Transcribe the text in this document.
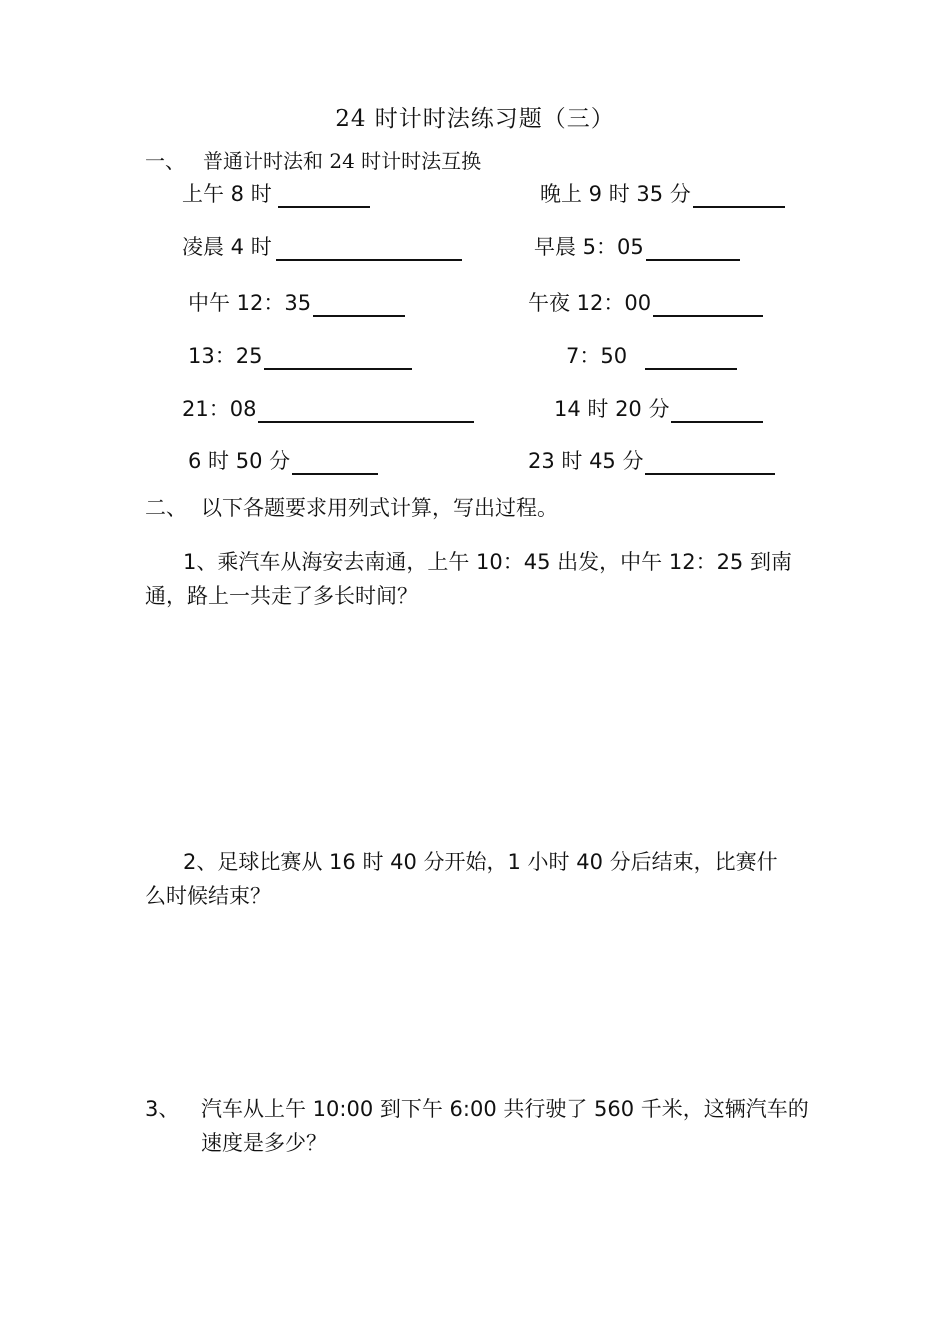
24 时计时法练习题（三）
一、 普通计时法和 24 时计时法互换
上午 8 时
凌晨 4 时
中午 12：35
13：25
21：08
6 时 50 分
晚上 9 时 35 分
早晨 5：05
午夜 12：00
7：50
14 时 20 分
23 时 45 分
二、 以下各题要求用列式计算，写出过程。
1、乘汽车从海安去南通，上午 10：45 出发，中午 12：25 到南通，路上一共走了多长时间？
2、足球比赛从 16 时 40 分开始，1 小时 40 分后结束，比赛什么时候结束？
3、 汽车从上午 10:00 到下午 6:00 共行驶了 560 千米，这辆汽车的速度是多少？
